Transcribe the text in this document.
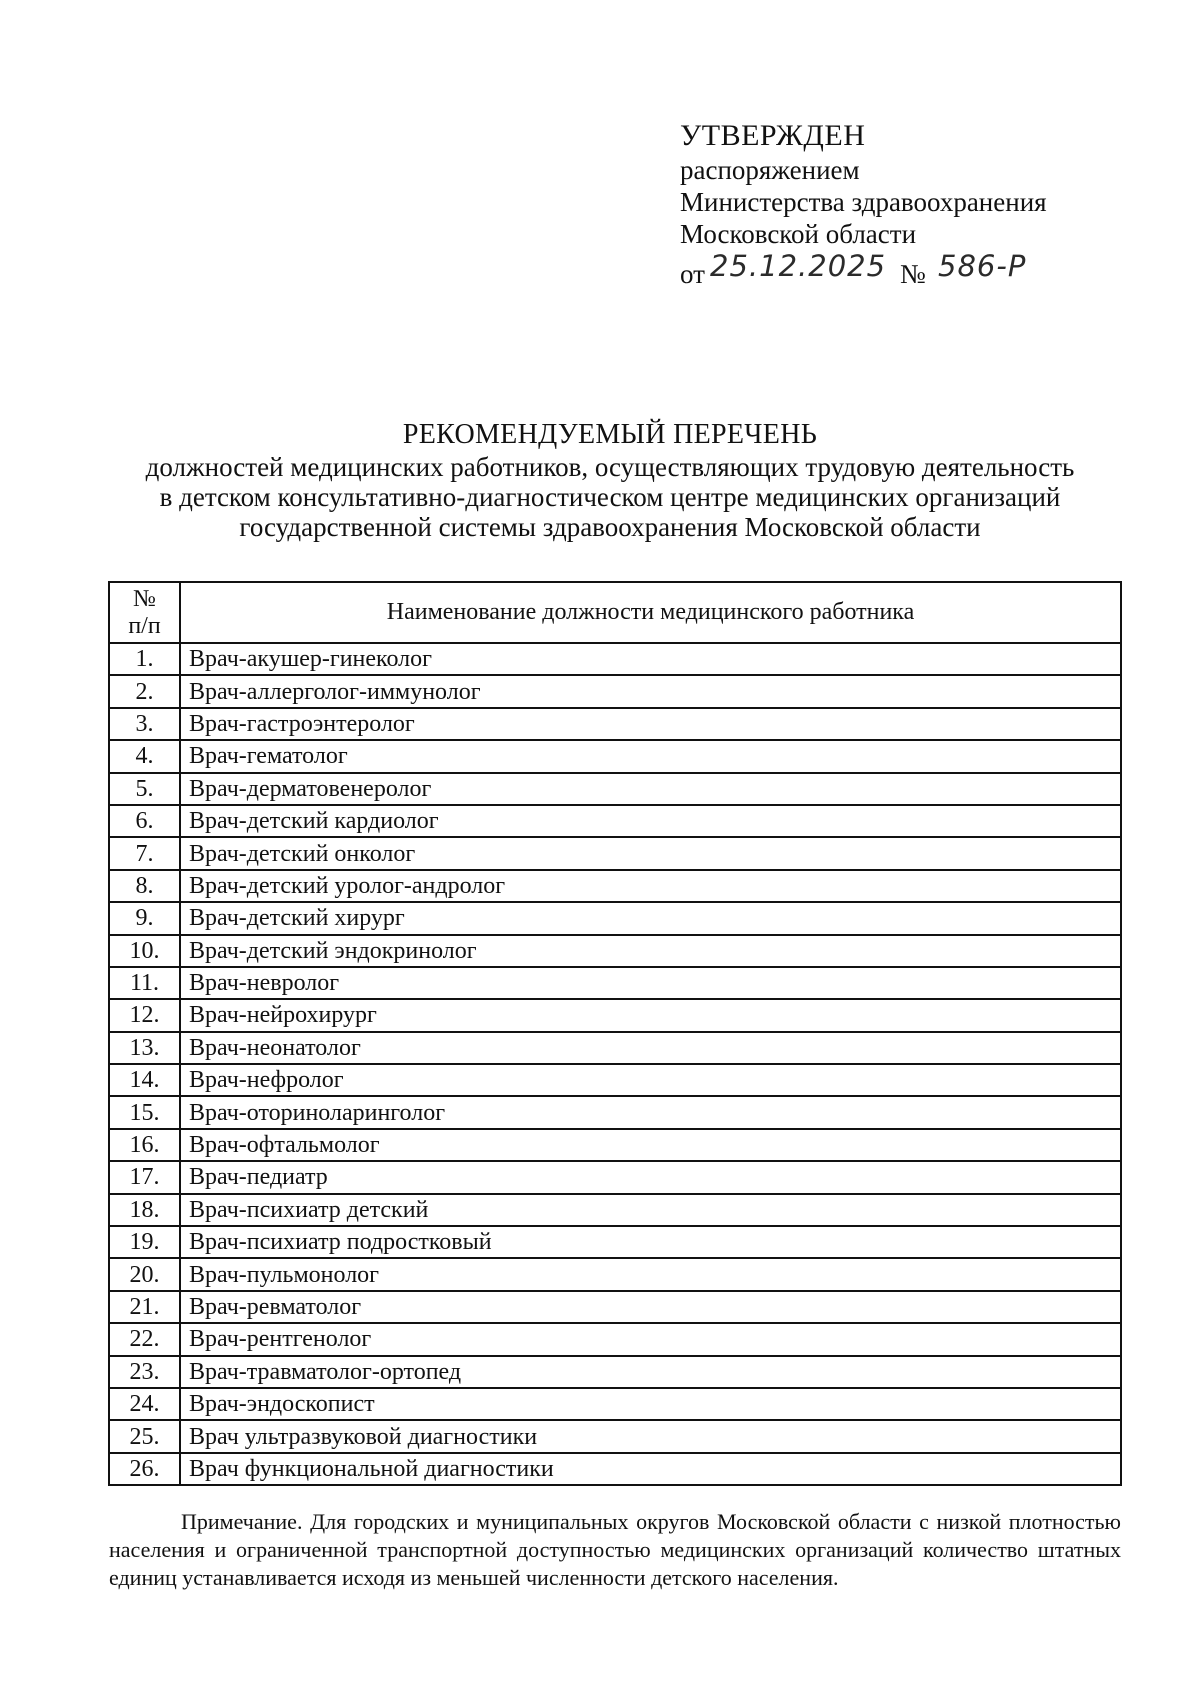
УТВЕРЖДЕН
распоряжением
Министерства здравоохранения
Московской области
от 25.12.2025 № 586-Р
РЕКОМЕНДУЕМЫЙ ПЕРЕЧЕНЬ
должностей медицинских работников, осуществляющих трудовую деятельность
в детском консультативно-диагностическом центре медицинских организаций
государственной системы здравоохранения Московской области
№
п/п	Наименование должности медицинского работника
1.	Врач-акушер-гинеколог
2.	Врач-аллерголог-иммунолог
3.	Врач-гастроэнтеролог
4.	Врач-гематолог
5.	Врач-дерматовенеролог
6.	Врач-детский кардиолог
7.	Врач-детский онколог
8.	Врач-детский уролог-андролог
9.	Врач-детский хирург
10.	Врач-детский эндокринолог
11.	Врач-невролог
12.	Врач-нейрохирург
13.	Врач-неонатолог
14.	Врач-нефролог
15.	Врач-оториноларинголог
16.	Врач-офтальмолог
17.	Врач-педиатр
18.	Врач-психиатр детский
19.	Врач-психиатр подростковый
20.	Врач-пульмонолог
21.	Врач-ревматолог
22.	Врач-рентгенолог
23.	Врач-травматолог-ортопед
24.	Врач-эндоскопист
25.	Врач ультразвуковой диагностики
26.	Врач функциональной диагностики
Примечание. Для городских и муниципальных округов Московской области с низкой плотностью населения и ограниченной транспортной доступностью медицинских организаций количество штатных единиц устанавливается исходя из меньшей численности детского населения.
